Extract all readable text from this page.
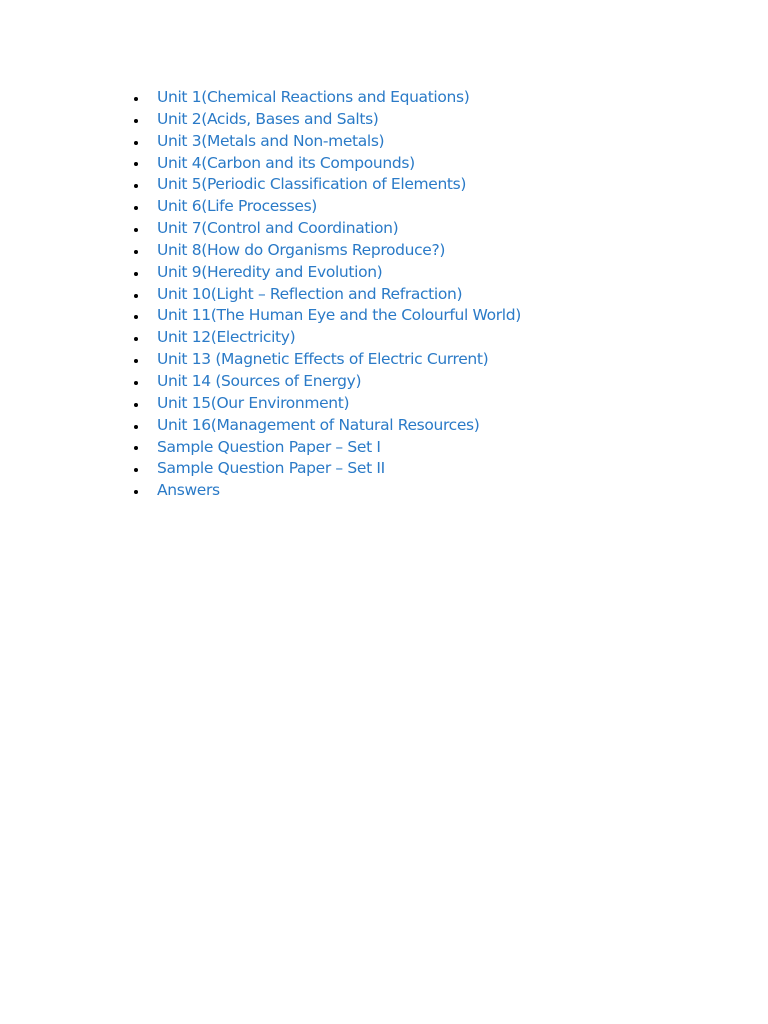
Unit 1(Chemical Reactions and Equations)
Unit 2(Acids, Bases and Salts)
Unit 3(Metals and Non-metals)
Unit 4(Carbon and its Compounds)
Unit 5(Periodic Classification of Elements)
Unit 6(Life Processes)
Unit 7(Control and Coordination)
Unit 8(How do Organisms Reproduce?)
Unit 9(Heredity and Evolution)
Unit 10(Light – Reflection and Refraction)
Unit 11(The Human Eye and the Colourful World)
Unit 12(Electricity)
Unit 13 (Magnetic Effects of Electric Current)
Unit 14 (Sources of Energy)
Unit 15(Our Environment)
Unit 16(Management of Natural Resources)
Sample Question Paper – Set I
Sample Question Paper – Set II
Answers
